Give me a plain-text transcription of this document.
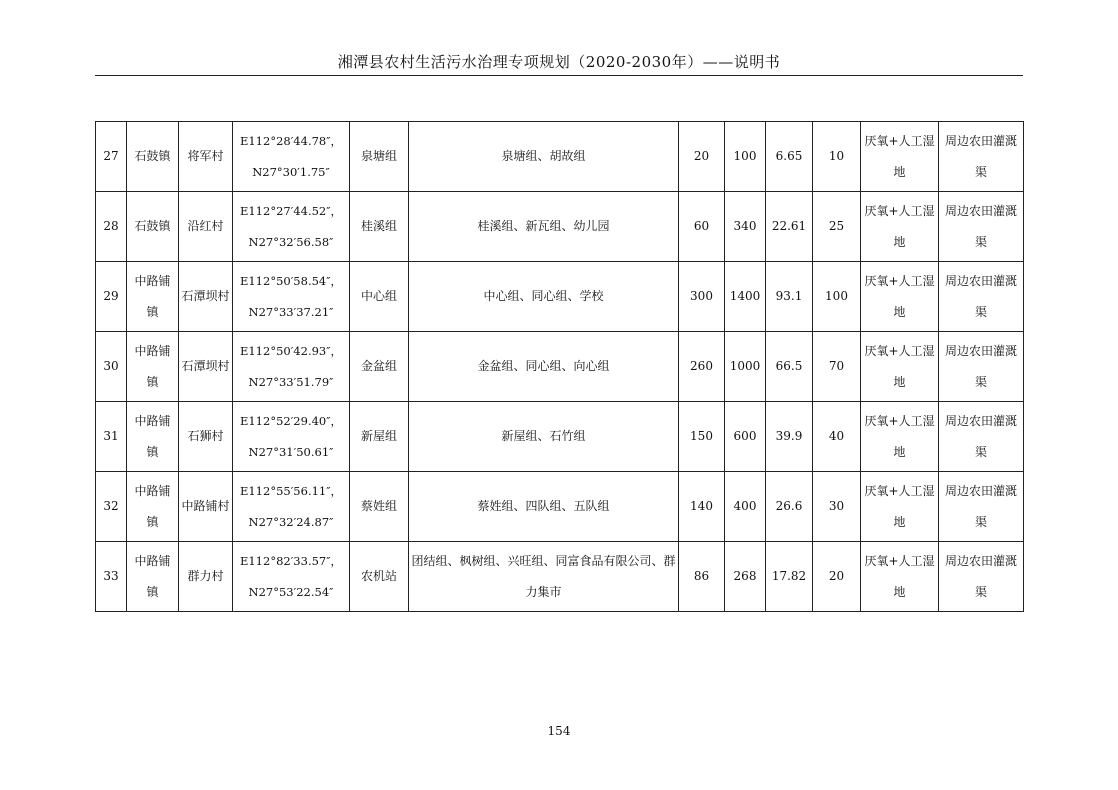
湘潭县农村生活污水治理专项规划（2020-2030年）——说明书
27	石鼓镇	将军村	E112°28′44.78″，
N27°30′1.75″	泉塘组	泉塘组、胡故组	20	100	6.65	10	厌氧+人工湿地	周边农田灌溉渠
28	石鼓镇	沿红村	E112°27′44.52″，
N27°32′56.58″	桂溪组	桂溪组、新瓦组、幼儿园	60	340	22.61	25	厌氧+人工湿地	周边农田灌溉渠
29	中路铺镇	石潭坝村	E112°50′58.54″，
N27°33′37.21″	中心组	中心组、同心组、学校	300	1400	93.1	100	厌氧+人工湿地	周边农田灌溉渠
30	中路铺镇	石潭坝村	E112°50′42.93″，
N27°33′51.79″	金盆组	金盆组、同心组、向心组	260	1000	66.5	70	厌氧+人工湿地	周边农田灌溉渠
31	中路铺镇	石狮村	E112°52′29.40″，
N27°31′50.61″	新屋组	新屋组、石竹组	150	600	39.9	40	厌氧+人工湿地	周边农田灌溉渠
32	中路铺镇	中路铺村	E112°55′56.11″，
N27°32′24.87″	蔡姓组	蔡姓组、四队组、五队组	140	400	26.6	30	厌氧+人工湿地	周边农田灌溉渠
33	中路铺镇	群力村	E112°82′33.57″，
N27°53′22.54″	农机站	团结组、枫树组、兴旺组、同富食品有限公司、群力集市	86	268	17.82	20	厌氧+人工湿地	周边农田灌溉渠
154
